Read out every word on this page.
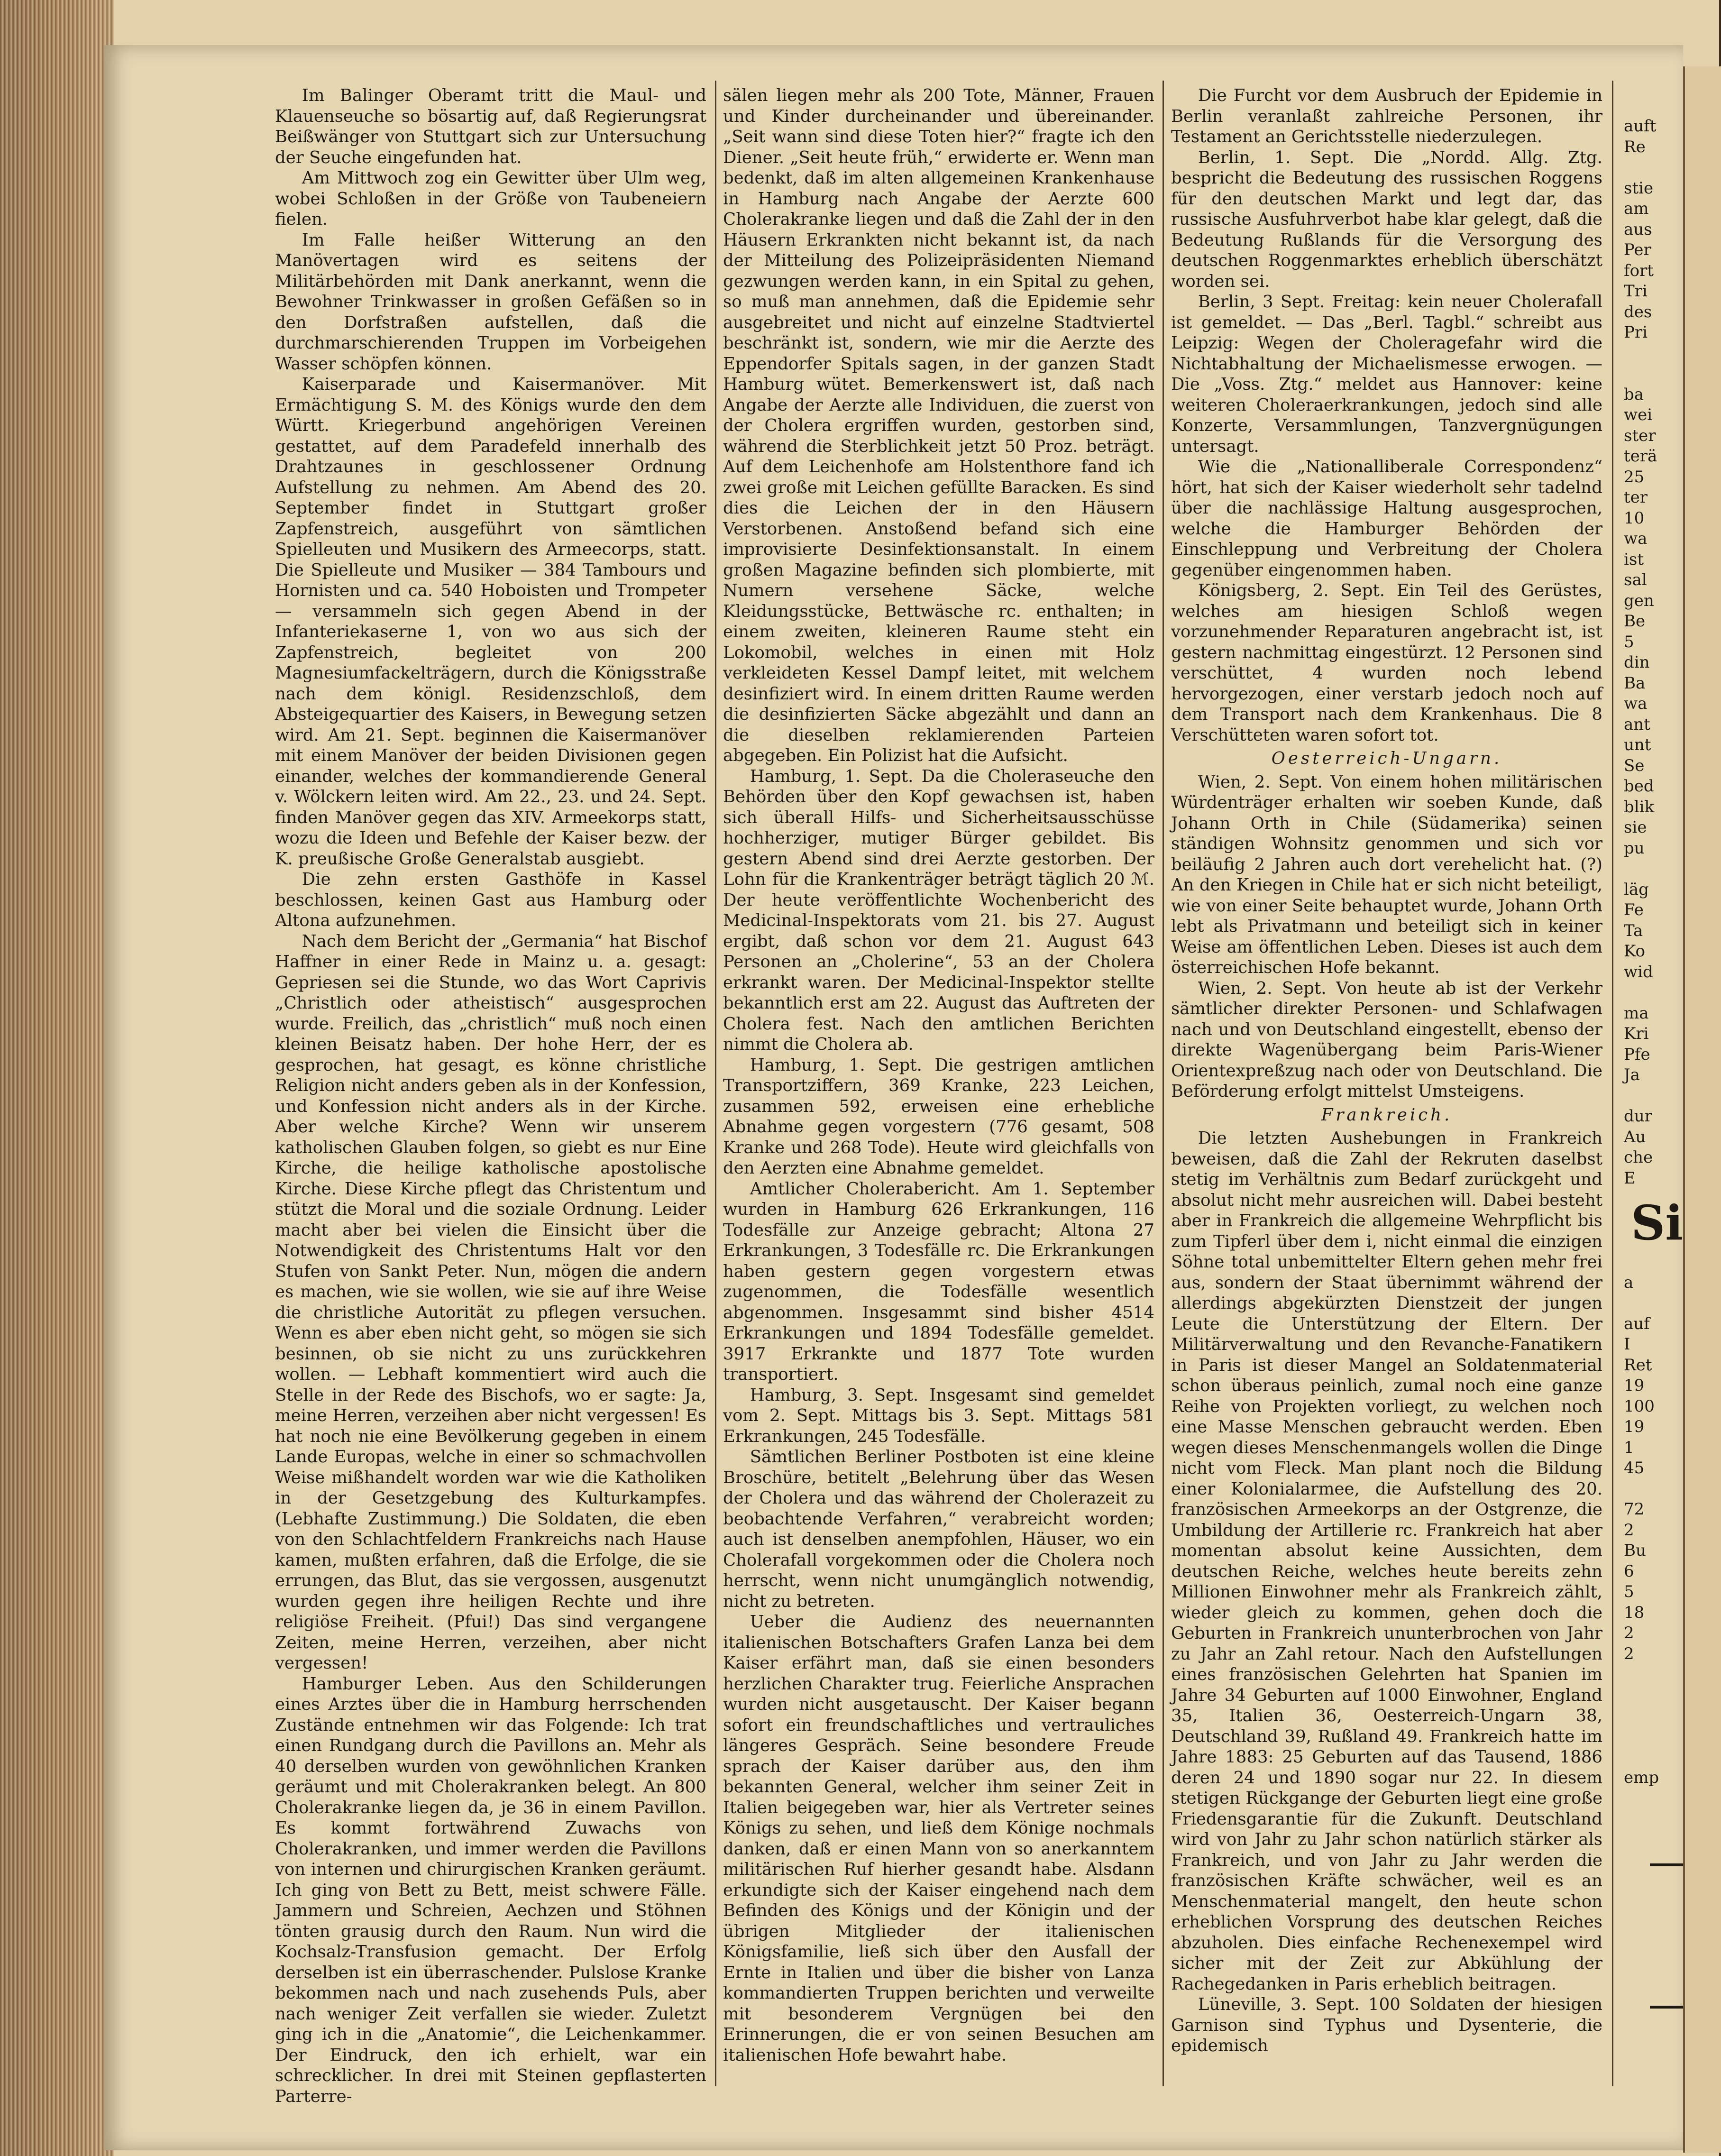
Im Balinger Oberamt tritt die Maul- und Klauenseuche so bösartig auf, daß Regierungsrat Beißwänger von Stuttgart sich zur Untersuchung der Seuche eingefunden hat.

Am Mittwoch zog ein Gewitter über Ulm weg, wobei Schloßen in der Größe von Taubeneiern fielen.

Im Falle heißer Witterung an den Manövertagen wird es seitens der Militärbehörden mit Dank anerkannt, wenn die Bewohner Trinkwasser in großen Gefäßen so in den Dorfstraßen aufstellen, daß die durchmarschierenden Truppen im Vorbeigehen Wasser schöpfen können.

Kaiserparade und Kaisermanöver. Mit Ermächtigung S. M. des Königs wurde den dem Württ. Kriegerbund angehörigen Vereinen gestattet, auf dem Paradefeld innerhalb des Drahtzaunes in geschlossener Ordnung Aufstellung zu nehmen. Am Abend des 20. September findet in Stuttgart großer Zapfenstreich, ausgeführt von sämtlichen Spielleuten und Musikern des Armeecorps, statt. Die Spielleute und Musiker — 384 Tambours und Hornisten und ca. 540 Hoboisten und Trompeter — versammeln sich gegen Abend in der Infanteriekaserne 1, von wo aus sich der Zapfenstreich, begleitet von 200 Magnesiumfackelträgern, durch die Königsstraße nach dem königl. Residenzschloß, dem Absteigequartier des Kaisers, in Bewegung setzen wird. Am 21. Sept. beginnen die Kaisermanöver mit einem Manöver der beiden Divisionen gegen einander, welches der kommandierende General v. Wölckern leiten wird. Am 22., 23. und 24. Sept. finden Manöver gegen das XIV. Armeekorps statt, wozu die Ideen und Befehle der Kaiser bezw. der K. preußische Große Generalstab ausgiebt.

Die zehn ersten Gasthöfe in Kassel beschlossen, keinen Gast aus Hamburg oder Altona aufzunehmen.

Nach dem Bericht der „Germania“ hat Bischof Haffner in einer Rede in Mainz u. a. gesagt: Gepriesen sei die Stunde, wo das Wort Caprivis „Christlich oder atheistisch“ ausgesprochen wurde. Freilich, das „christlich“ muß noch einen kleinen Beisatz haben. Der hohe Herr, der es gesprochen, hat gesagt, es könne christliche Religion nicht anders geben als in der Konfession, und Konfession nicht anders als in der Kirche. Aber welche Kirche? Wenn wir unserem katholischen Glauben folgen, so giebt es nur Eine Kirche, die heilige katholische apostolische Kirche. Diese Kirche pflegt das Christentum und stützt die Moral und die soziale Ordnung. Leider macht aber bei vielen die Einsicht über die Notwendigkeit des Christentums Halt vor den Stufen von Sankt Peter. Nun, mögen die andern es machen, wie sie wollen, wie sie auf ihre Weise die christliche Autorität zu pflegen versuchen. Wenn es aber eben nicht geht, so mögen sie sich besinnen, ob sie nicht zu uns zurückkehren wollen. — Lebhaft kommentiert wird auch die Stelle in der Rede des Bischofs, wo er sagte: Ja, meine Herren, verzeihen aber nicht vergessen! Es hat noch nie eine Bevölkerung gegeben in einem Lande Europas, welche in einer so schmachvollen Weise mißhandelt worden war wie die Katholiken in der Gesetzgebung des Kulturkampfes. (Lebhafte Zustimmung.) Die Soldaten, die eben von den Schlachtfeldern Frankreichs nach Hause kamen, mußten erfahren, daß die Erfolge, die sie errungen, das Blut, das sie vergossen, ausgenutzt wurden gegen ihre heiligen Rechte und ihre religiöse Freiheit. (Pfui!) Das sind vergangene Zeiten, meine Herren, verzeihen, aber nicht vergessen!

Hamburger Leben. Aus den Schilderungen eines Arztes über die in Hamburg herrschenden Zustände entnehmen wir das Folgende: Ich trat einen Rundgang durch die Pavillons an. Mehr als 40 derselben wurden von gewöhnlichen Kranken geräumt und mit Cholerakranken belegt. An 800 Cholerakranke liegen da, je 36 in einem Pavillon. Es kommt fortwährend Zuwachs von Cholerakranken, und immer werden die Pavillons von internen und chirurgischen Kranken geräumt. Ich ging von Bett zu Bett, meist schwere Fälle. Jammern und Schreien, Aechzen und Stöhnen tönten grausig durch den Raum. Nun wird die Kochsalz-Transfusion gemacht. Der Erfolg derselben ist ein überraschender. Pulslose Kranke bekommen nach und nach zusehends Puls, aber nach weniger Zeit verfallen sie wieder. Zuletzt ging ich in die „Anatomie“, die Leichenkammer. Der Eindruck, den ich erhielt, war ein schrecklicher. In drei mit Steinen gepflasterten Parterre-

sälen liegen mehr als 200 Tote, Männer, Frauen und Kinder durcheinander und übereinander. „Seit wann sind diese Toten hier?“ fragte ich den Diener. „Seit heute früh,“ erwiderte er. Wenn man bedenkt, daß im alten allgemeinen Krankenhause in Hamburg nach Angabe der Aerzte 600 Cholerakranke liegen und daß die Zahl der in den Häusern Erkrankten nicht bekannt ist, da nach der Mitteilung des Polizeipräsidenten Niemand gezwungen werden kann, in ein Spital zu gehen, so muß man annehmen, daß die Epidemie sehr ausgebreitet und nicht auf einzelne Stadtviertel beschränkt ist, sondern, wie mir die Aerzte des Eppendorfer Spitals sagen, in der ganzen Stadt Hamburg wütet. Bemerkenswert ist, daß nach Angabe der Aerzte alle Individuen, die zuerst von der Cholera ergriffen wurden, gestorben sind, während die Sterblichkeit jetzt 50 Proz. beträgt. Auf dem Leichenhofe am Holstenthore fand ich zwei große mit Leichen gefüllte Baracken. Es sind dies die Leichen der in den Häusern Verstorbenen. Anstoßend befand sich eine improvisierte Desinfektionsanstalt. In einem großen Magazine befinden sich plombierte, mit Numern versehene Säcke, welche Kleidungsstücke, Bettwäsche rc. enthalten; in einem zweiten, kleineren Raume steht ein Lokomobil, welches in einen mit Holz verkleideten Kessel Dampf leitet, mit welchem desinfiziert wird. In einem dritten Raume werden die desinfizierten Säcke abgezählt und dann an die dieselben reklamierenden Parteien abgegeben. Ein Polizist hat die Aufsicht.

Hamburg, 1. Sept. Da die Choleraseuche den Behörden über den Kopf gewachsen ist, haben sich überall Hilfs- und Sicherheitsausschüsse hochherziger, mutiger Bürger gebildet. Bis gestern Abend sind drei Aerzte gestorben. Der Lohn für die Krankenträger beträgt täglich 20 ℳ. Der heute veröffentlichte Wochenbericht des Medicinal-Inspektorats vom 21. bis 27. August ergibt, daß schon vor dem 21. August 643 Personen an „Cholerine“, 53 an der Cholera erkrankt waren. Der Medicinal-Inspektor stellte bekanntlich erst am 22. August das Auftreten der Cholera fest. Nach den amtlichen Berichten nimmt die Cholera ab.

Hamburg, 1. Sept. Die gestrigen amtlichen Transportziffern, 369 Kranke, 223 Leichen, zusammen 592, erweisen eine erhebliche Abnahme gegen vorgestern (776 gesamt, 508 Kranke und 268 Tode). Heute wird gleichfalls von den Aerzten eine Abnahme gemeldet.

Amtlicher Cholerabericht. Am 1. September wurden in Hamburg 626 Erkrankungen, 116 Todesfälle zur Anzeige gebracht; Altona 27 Erkrankungen, 3 Todesfälle rc. Die Erkrankungen haben gestern gegen vorgestern etwas zugenommen, die Todesfälle wesentlich abgenommen. Insgesammt sind bisher 4514 Erkrankungen und 1894 Todesfälle gemeldet. 3917 Erkrankte und 1877 Tote wurden transportiert.

Hamburg, 3. Sept. Insgesamt sind gemeldet vom 2. Sept. Mittags bis 3. Sept. Mittags 581 Erkrankungen, 245 Todesfälle.

Sämtlichen Berliner Postboten ist eine kleine Broschüre, betitelt „Belehrung über das Wesen der Cholera und das während der Cholerazeit zu beobachtende Verfahren,“ verabreicht worden; auch ist denselben anempfohlen, Häuser, wo ein Cholerafall vorgekommen oder die Cholera noch herrscht, wenn nicht unumgänglich notwendig, nicht zu betreten.

Ueber die Audienz des neuernannten italienischen Botschafters Grafen Lanza bei dem Kaiser erfährt man, daß sie einen besonders herzlichen Charakter trug. Feierliche Ansprachen wurden nicht ausgetauscht. Der Kaiser begann sofort ein freundschaftliches und vertrauliches längeres Gespräch. Seine besondere Freude sprach der Kaiser darüber aus, den ihm bekannten General, welcher ihm seiner Zeit in Italien beigegeben war, hier als Vertreter seines Königs zu sehen, und ließ dem Könige nochmals danken, daß er einen Mann von so anerkanntem militärischen Ruf hierher gesandt habe. Alsdann erkundigte sich der Kaiser eingehend nach dem Befinden des Königs und der Königin und der übrigen Mitglieder der italienischen Königsfamilie, ließ sich über den Ausfall der Ernte in Italien und über die bisher von Lanza kommandierten Truppen berichten und verweilte mit besonderem Vergnügen bei den Erinnerungen, die er von seinen Besuchen am italienischen Hofe bewahrt habe.

Die Furcht vor dem Ausbruch der Epidemie in Berlin veranlaßt zahlreiche Personen, ihr Testament an Gerichtsstelle niederzulegen.

Berlin, 1. Sept. Die „Nordd. Allg. Ztg. bespricht die Bedeutung des russischen Roggens für den deutschen Markt und legt dar, das russische Ausfuhrverbot habe klar gelegt, daß die Bedeutung Rußlands für die Versorgung des deutschen Roggenmarktes erheblich überschätzt worden sei.

Berlin, 3 Sept. Freitag: kein neuer Cholerafall ist gemeldet. — Das „Berl. Tagbl.“ schreibt aus Leipzig: Wegen der Choleragefahr wird die Nichtabhaltung der Michaelismesse erwogen. — Die „Voss. Ztg.“ meldet aus Hannover: keine weiteren Choleraerkrankungen, jedoch sind alle Konzerte, Versammlungen, Tanzvergnügungen untersagt.

Wie die „Nationalliberale Correspondenz“ hört, hat sich der Kaiser wiederholt sehr tadelnd über die nachlässige Haltung ausgesprochen, welche die Hamburger Behörden der Einschleppung und Verbreitung der Cholera gegenüber eingenommen haben.

Königsberg, 2. Sept. Ein Teil des Gerüstes, welches am hiesigen Schloß wegen vorzunehmender Reparaturen angebracht ist, ist gestern nachmittag eingestürzt. 12 Personen sind verschüttet, 4 wurden noch lebend hervorgezogen, einer verstarb jedoch noch auf dem Transport nach dem Krankenhaus. Die 8 Verschütteten waren sofort tot.

Oesterreich-Ungarn.

Wien, 2. Sept. Von einem hohen militärischen Würdenträger erhalten wir soeben Kunde, daß Johann Orth in Chile (Südamerika) seinen ständigen Wohnsitz genommen und sich vor beiläufig 2 Jahren auch dort verehelicht hat. (?) An den Kriegen in Chile hat er sich nicht beteiligt, wie von einer Seite behauptet wurde, Johann Orth lebt als Privatmann und beteiligt sich in keiner Weise am öffentlichen Leben. Dieses ist auch dem österreichischen Hofe bekannt.

Wien, 2. Sept. Von heute ab ist der Verkehr sämtlicher direkter Personen- und Schlafwagen nach und von Deutschland eingestellt, ebenso der direkte Wagenübergang beim Paris-Wiener Orientexpreßzug nach oder von Deutschland. Die Beförderung erfolgt mittelst Umsteigens.

Frankreich.

Die letzten Aushebungen in Frankreich beweisen, daß die Zahl der Rekruten daselbst stetig im Verhältnis zum Bedarf zurückgeht und absolut nicht mehr ausreichen will. Dabei besteht aber in Frankreich die allgemeine Wehrpflicht bis zum Tipferl über dem i, nicht einmal die einzigen Söhne total unbemittelter Eltern gehen mehr frei aus, sondern der Staat übernimmt während der allerdings abgekürzten Dienstzeit der jungen Leute die Unterstützung der Eltern. Der Militärverwaltung und den Revanche-Fanatikern in Paris ist dieser Mangel an Soldatenmaterial schon überaus peinlich, zumal noch eine ganze Reihe von Projekten vorliegt, zu welchen noch eine Masse Menschen gebraucht werden. Eben wegen dieses Menschenmangels wollen die Dinge nicht vom Fleck. Man plant noch die Bildung einer Kolonialarmee, die Aufstellung des 20. französischen Armeekorps an der Ostgrenze, die Umbildung der Artillerie rc. Frankreich hat aber momentan absolut keine Aussichten, dem deutschen Reiche, welches heute bereits zehn Millionen Einwohner mehr als Frankreich zählt, wieder gleich zu kommen, gehen doch die Geburten in Frankreich ununterbrochen von Jahr zu Jahr an Zahl retour. Nach den Aufstellungen eines französischen Gelehrten hat Spanien im Jahre 34 Geburten auf 1000 Einwohner, England 35, Italien 36, Oesterreich-Ungarn 38, Deutschland 39, Rußland 49. Frankreich hatte im Jahre 1883: 25 Geburten auf das Tausend, 1886 deren 24 und 1890 sogar nur 22. In diesem stetigen Rückgange der Geburten liegt eine große Friedensgarantie für die Zukunft. Deutschland wird von Jahr zu Jahr schon natürlich stärker als Frankreich, und von Jahr zu Jahr werden die französischen Kräfte schwächer, weil es an Menschenmaterial mangelt, den heute schon erheblichen Vorsprung des deutschen Reiches abzuholen. Dies einfache Rechenexempel wird sicher mit der Zeit zur Abkühlung der Rachegedanken in Paris erheblich beitragen.

Lüneville, 3. Sept. 100 Soldaten der hiesigen Garnison sind Typhus und Dysenterie, die epidemisch

auft
Re
stie
am
aus
Per
fort
Tri
des
Pri
ba
wei
ster
terä
25
ter
10
wa
ist
sal
gen
Be
5
din
Ba
wa
ant
unt
Se
bed
blik
sie
pu
läg
Fe
Ta
Ko
wid
ma
Kri
Pfe
Ja
dur
Au
che
E
Si
a
auf
I
Ret
19
100
19
1
45
72
2
Bu
6
5
18
2
2
emp
